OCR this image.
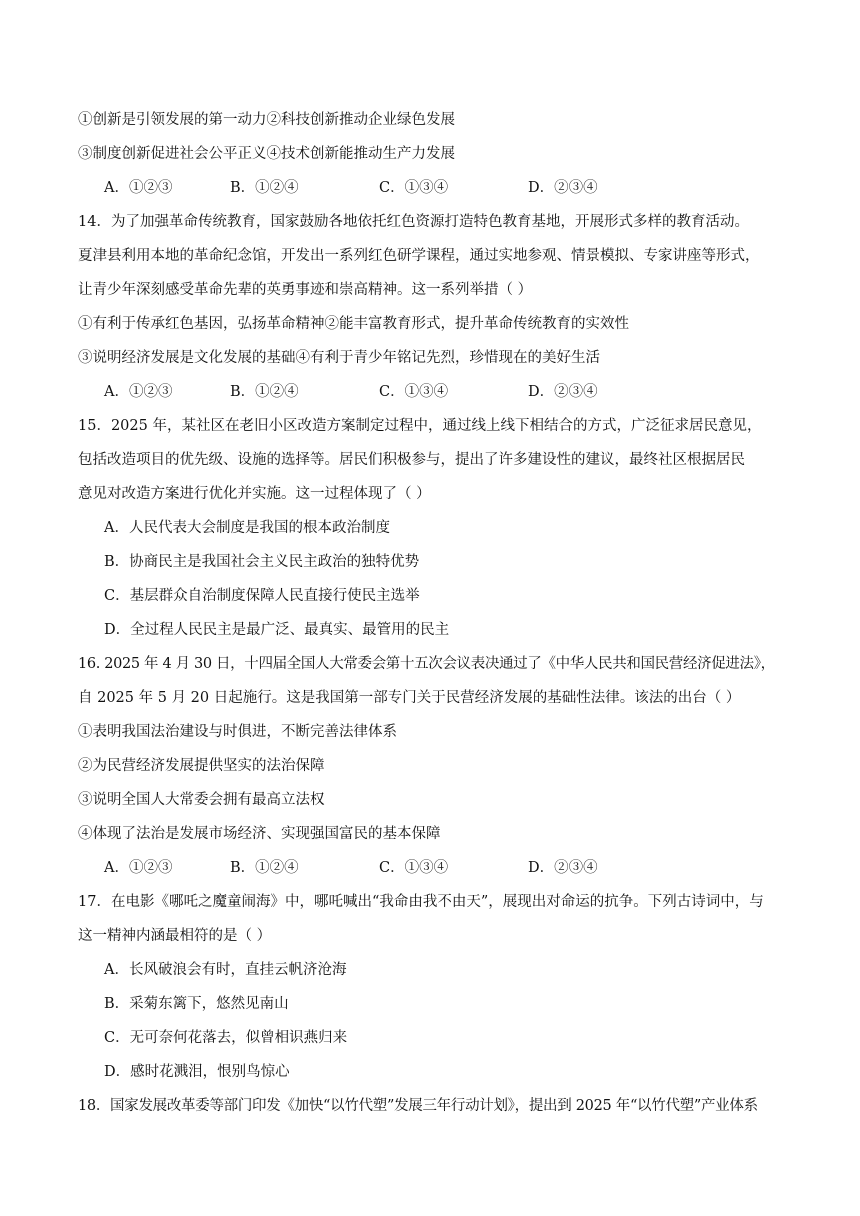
①创新是引领发展的第一动力②科技创新推动企业绿色发展
③制度创新促进社会公平正义④技术创新能推动生产力发展
A．①②③	B．①②④	C．①③④	D．②③④
14．为了加强革命传统教育，国家鼓励各地依托红色资源打造特色教育基地，开展形式多样的教育活动。
夏津县利用本地的革命纪念馆，开发出一系列红色研学课程，通过实地参观、情景模拟、专家讲座等形式，
让青少年深刻感受革命先辈的英勇事迹和崇高精神。这一系列举措（ ）
①有利于传承红色基因，弘扬革命精神②能丰富教育形式，提升革命传统教育的实效性
③说明经济发展是文化发展的基础④有利于青少年铭记先烈，珍惜现在的美好生活
A．①②③	B．①②④	C．①③④	D．②③④
15．2025 年，某社区在老旧小区改造方案制定过程中，通过线上线下相结合的方式，广泛征求居民意见，
包括改造项目的优先级、设施的选择等。居民们积极参与，提出了许多建设性的建议，最终社区根据居民
意见对改造方案进行优化并实施。这一过程体现了（ ）
A．人民代表大会制度是我国的根本政治制度
B．协商民主是我国社会主义民主政治的独特优势
C．基层群众自治制度保障人民直接行使民主选举
D．全过程人民民主是最广泛、最真实、最管用的民主
16. 2025 年 4 月 30 日，十四届全国人大常委会第十五次会议表决通过了《中华人民共和国民营经济促进法》，
自 2025 年 5 月 20 日起施行。这是我国第一部专门关于民营经济发展的基础性法律。该法的出台（ ）
①表明我国法治建设与时俱进，不断完善法律体系
②为民营经济发展提供坚实的法治保障
③说明全国人大常委会拥有最高立法权
④体现了法治是发展市场经济、实现强国富民的基本保障
A．①②③	B．①②④	C．①③④	D．②③④
17．在电影《哪吒之魔童闹海》中，哪吒喊出“我命由我不由天”，展现出对命运的抗争。下列古诗词中，与
这一精神内涵最相符的是（ ）
A．长风破浪会有时，直挂云帆济沧海
B．采菊东篱下，悠然见南山
C．无可奈何花落去，似曾相识燕归来
D．感时花溅泪，恨别鸟惊心
18．国家发展改革委等部门印发《加快“以竹代塑”发展三年行动计划》，提出到 2025 年“以竹代塑”产业体系
